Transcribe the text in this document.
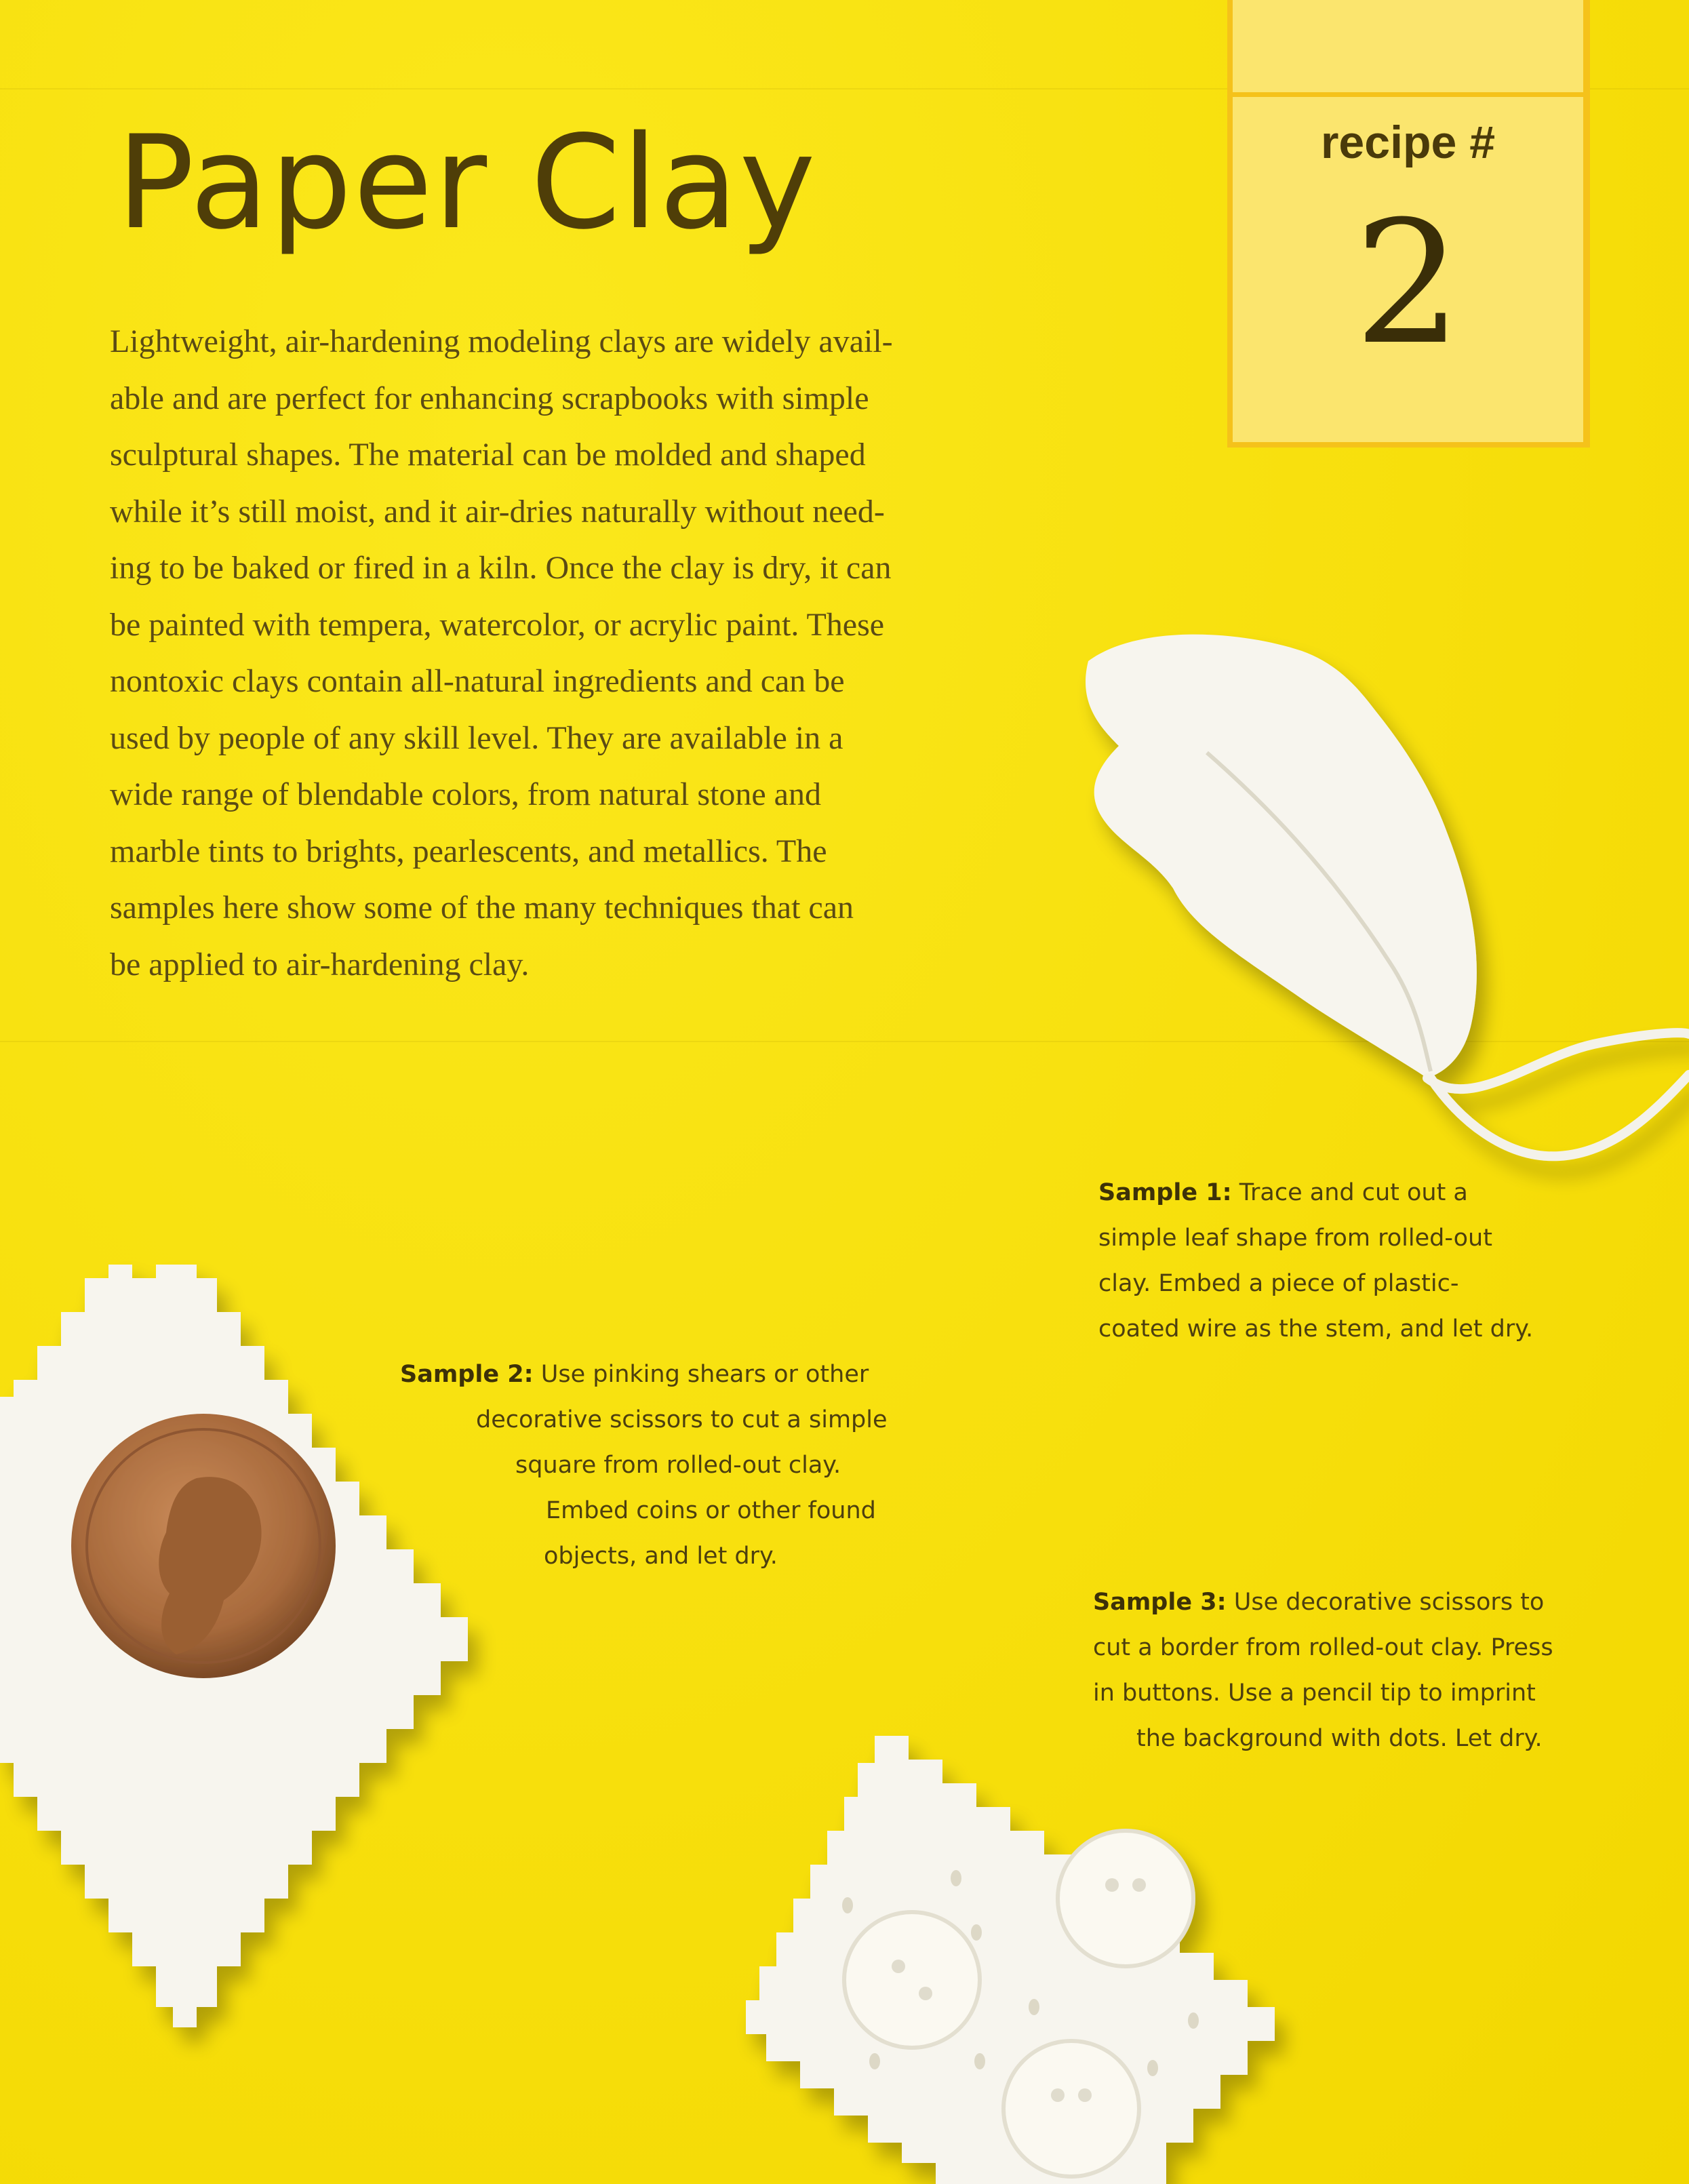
Paper Clay	recipe #
2
Lightweight, air-hardening modeling clays are widely avail-
able and are perfect for enhancing scrapbooks with simple
sculptural shapes. The material can be molded and shaped
while it’s still moist, and it air-dries naturally without need-
ing to be baked or fired in a kiln. Once the clay is dry, it can
be painted with tempera, watercolor, or acrylic paint. These
nontoxic clays contain all-natural ingredients and can be
used by people of any skill level. They are available in a
wide range of blendable colors, from natural stone and
marble tints to brights, pearlescents, and metallics. The
samples here show some of the many techniques that can
be applied to air-hardening clay.
Sample 1: Trace and cut out a
simple leaf shape from rolled-out
clay. Embed a piece of plastic-
coated wire as the stem, and let dry.
Sample 2: Use pinking shears or other
decorative scissors to cut a simple
square from rolled-out clay.
Embed coins or other found
objects, and let dry.
Sample 3: Use decorative scissors to
cut a border from rolled-out clay. Press
in buttons. Use a pencil tip to imprint
the background with dots. Let dry.
